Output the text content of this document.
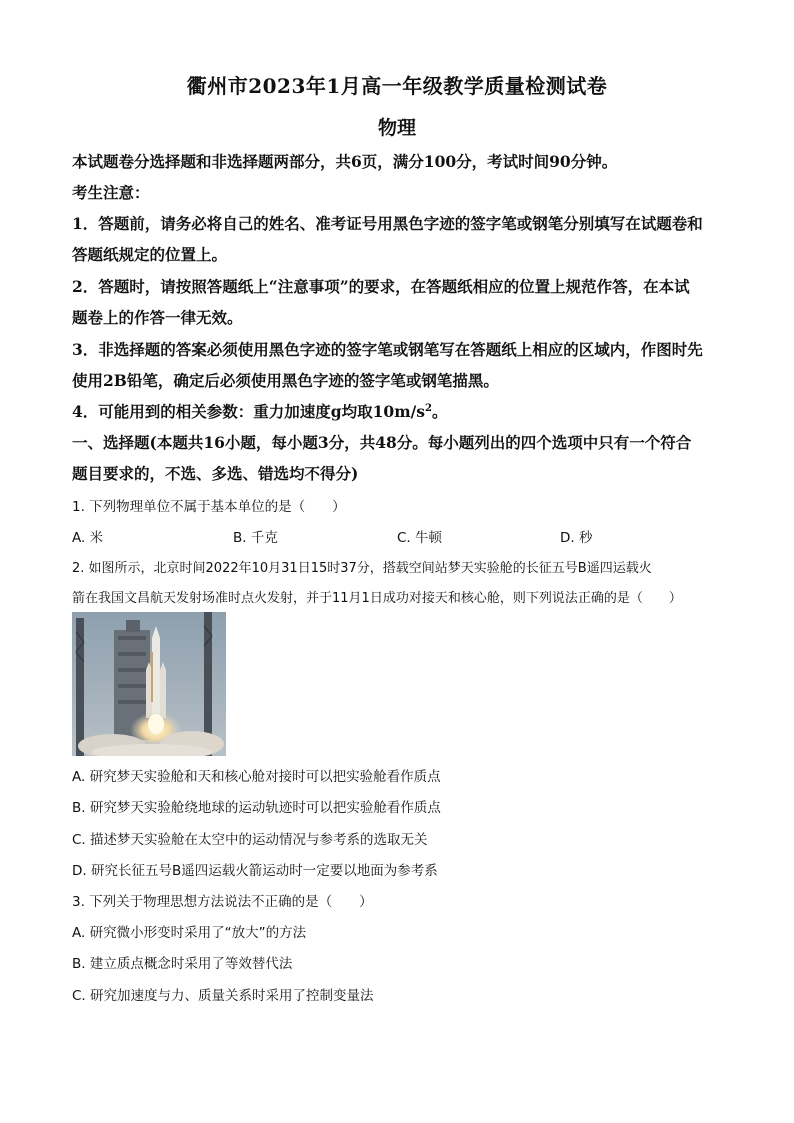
衢州市2023年1月高一年级教学质量检测试卷
物理
本试题卷分选择题和非选择题两部分，共6页，满分100分，考试时间90分钟。
考生注意：
1．答题前，请务必将自己的姓名、准考证号用黑色字迹的签字笔或钢笔分别填写在试题卷和
答题纸规定的位置上。
2．答题时，请按照答题纸上“注意事项”的要求，在答题纸相应的位置上规范作答，在本试
题卷上的作答一律无效。
3．非选择题的答案必须使用黑色字迹的签字笔或钢笔写在答题纸上相应的区域内，作图时先
使用2B铅笔，确定后必须使用黑色字迹的签字笔或钢笔描黑。
4．可能用到的相关参数：重力加速度g均取$10m/s^2$。
一、选择题(本题共16小题，每小题3分，共48分。每小题列出的四个选项中只有一个符合
题目要求的，不选、多选、错选均不得分)
1. 下列物理单位不属于基本单位的是（　　）
A. 米	B. 千克	C. 牛顿	D. 秒
2. 如图所示，北京时间2022年10月31日15时37分，搭载空间站梦天实验舱的长征五号B遥四运载火
箭在我国文昌航天发射场准时点火发射，并于11月1日成功对接天和核心舱，则下列说法正确的是（　　）
A. 研究梦天实验舱和天和核心舱对接时可以把实验舱看作质点
B. 研究梦天实验舱绕地球的运动轨迹时可以把实验舱看作质点
C. 描述梦天实验舱在太空中的运动情况与参考系的选取无关
D. 研究长征五号B遥四运载火箭运动时一定要以地面为参考系
3. 下列关于物理思想方法说法不正确的是（　　）
A. 研究微小形变时采用了“放大”的方法
B. 建立质点概念时采用了等效替代法
C. 研究加速度与力、质量关系时采用了控制变量法
